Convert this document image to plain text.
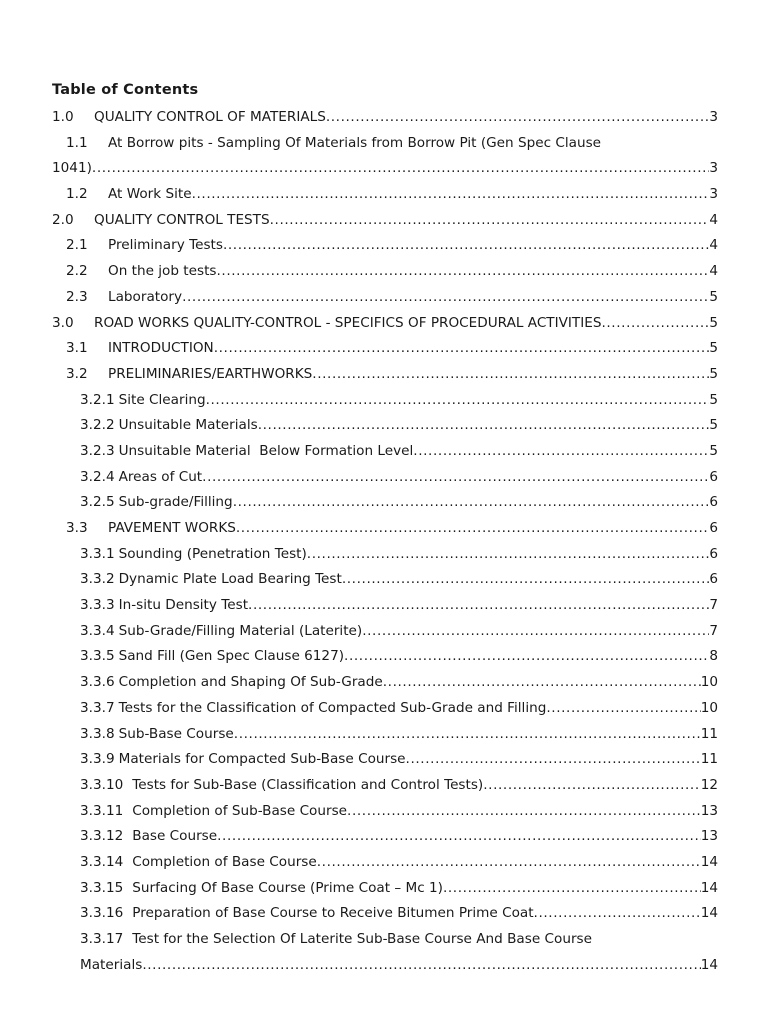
Table of Contents
1.0	QUALITY CONTROL OF MATERIALS .....	3
1.1	At Borrow pits - Sampling Of Materials from Borrow Pit (Gen Spec Clause
1041) .....	3
1.2	At Work Site .....	3
2.0	QUALITY CONTROL TESTS .....	4
2.1	Preliminary Tests .....	4
2.2	On the job tests .....	4
2.3	Laboratory .....	5
3.0	ROAD WORKS QUALITY-CONTROL - SPECIFICS OF PROCEDURAL ACTIVITIES .....	5
3.1	INTRODUCTION .....	5
3.2	PRELIMINARIES/EARTHWORKS .....	5
3.2.1 Site Clearing .....	5
3.2.2 Unsuitable Materials .....	5
3.2.3 Unsuitable Material  Below Formation Level .....	5
3.2.4 Areas of Cut .....	6
3.2.5 Sub-grade/Filling .....	6
3.3	PAVEMENT WORKS .....	6
3.3.1 Sounding (Penetration Test) .....	6
3.3.2 Dynamic Plate Load Bearing Test .....	6
3.3.3 In-situ Density Test .....	7
3.3.4 Sub-Grade/Filling Material (Laterite) .....	7
3.3.5 Sand Fill (Gen Spec Clause 6127) .....	8
3.3.6 Completion and Shaping Of Sub-Grade .....	10
3.3.7 Tests for the Classification of Compacted Sub-Grade and Filling .....	10
3.3.8 Sub-Base Course .....	11
3.3.9 Materials for Compacted Sub-Base Course .....	11
3.3.10 Tests for Sub-Base (Classification and Control Tests) .....	12
3.3.11 Completion of Sub-Base Course .....	13
3.3.12 Base Course .....	13
3.3.14 Completion of Base Course .....	14
3.3.15 Surfacing Of Base Course (Prime Coat – Mc 1) .....	14
3.3.16 Preparation of Base Course to Receive Bitumen Prime Coat .....	14
3.3.17 Test for the Selection Of Laterite Sub-Base Course And Base Course
Materials .....	14
